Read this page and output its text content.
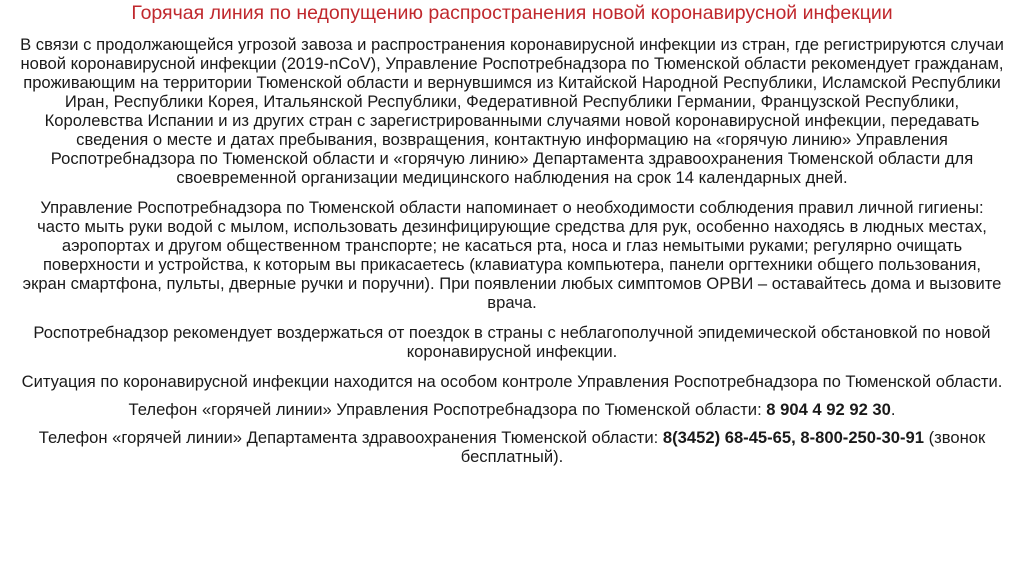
Горячая линия по недопущению распространения новой коронавирусной инфекции

В связи с продолжающейся угрозой завоза и распространения коронавирусной инфекции из стран, где регистрируются случаи новой коронавирусной инфекции (2019-nCoV), Управление Роспотребнадзора по Тюменской области рекомендует гражданам, проживающим на территории Тюменской области и вернувшимся из Китайской Народной Республики, Исламской Республики Иран, Республики Корея, Итальянской Республики, Федеративной Республики Германии, Французской Республики, Королевства Испании и из других стран с зарегистрированными случаями новой коронавирусной инфекции, передавать сведения о месте и датах пребывания, возвращения, контактную информацию на «горячую линию» Управления Роспотребнадзора по Тюменской области и «горячую линию» Департамента здравоохранения Тюменской области для своевременной организации медицинского наблюдения на срок 14 календарных дней.

Управление Роспотребнадзора по Тюменской области напоминает о необходимости соблюдения правил личной гигиены: часто мыть руки водой с мылом, использовать дезинфицирующие средства для рук, особенно находясь в людных местах, аэропортах и другом общественном транспорте; не касаться рта, носа и глаз немытыми руками; регулярно очищать поверхности и устройства, к которым вы прикасаетесь (клавиатура компьютера, панели оргтехники общего пользования, экран смартфона, пульты, дверные ручки и поручни). При появлении любых симптомов ОРВИ – оставайтесь дома и вызовите врача.

Роспотребнадзор рекомендует воздержаться от поездок в страны с неблагополучной эпидемической обстановкой по новой коронавирусной инфекции.

Ситуация по коронавирусной инфекции находится на особом контроле Управления Роспотребнадзора по Тюменской области.

Телефон «горячей линии» Управления Роспотребнадзора по Тюменской области: 8 904 4 92 92 30.

Телефон «горячей линии» Департамента здравоохранения Тюменской области: 8(3452) 68-45-65, 8-800-250-30-91 (звонок бесплатный).
